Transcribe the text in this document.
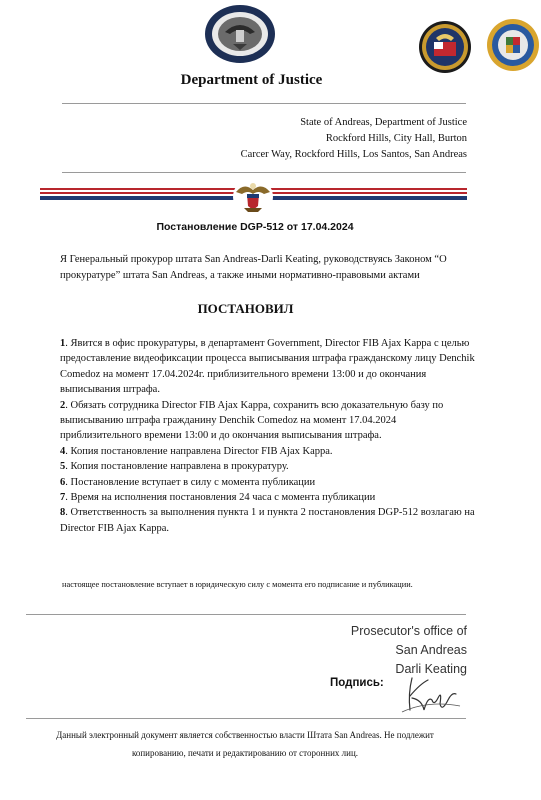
Department of Justice
State of Andreas, Department of Justice
Rockford Hills, City Hall, Burton
Carcer Way, Rockford Hills, Los Santos, San Andreas
Постановление DGP-512 от 17.04.2024
Я Генеральный прокурор штата San Andreas-Darli Keating, руководствуясь Законом “О прокуратуре” штата San Andreas, а также иными нормативно-правовыми актами
ПОСТАНОВИЛ

1. Явится в офис прокуратуры, в департамент Government, Director FIB Ajax Kappa с целью предоставление видеофиксации процесса выписывания штрафа гражданскому лицу Denchik Comedoz на момент 17.04.2024г. приблизительного времени 13:00 и до окончания выписывания штрафа.

2. Обязать сотрудника Director FIB Ajax Kappa, сохранить всю доказательную базу по выписыванию штрафа гражданину Denchik Comedoz на момент 17.04.2024 приблизительного времени 13:00 и до окончания выписывания штрафа.

4. Копия постановление направлена Director FIB Ajax Kappa.

5. Копия постановление направлена в прокуратуру.

6. Постановление вступает в силу с момента публикации

7. Время на исполнения постановления 24 часа с момента публикации

8. Ответственность за выполнения пункта 1 и пункта 2 постановления DGP-512 возлагаю на Director FIB Ajax Kappa.

настоящее постановление вступает в юридическую силу с момента его подписание и публикации.
Prosecutor's office of
San Andreas
Darli Keating
Подпись:
Данный электронный документ является собственностью власти Штата San Andreas. Не подлежит
копированию, печати и редактированию от сторонних лиц.
